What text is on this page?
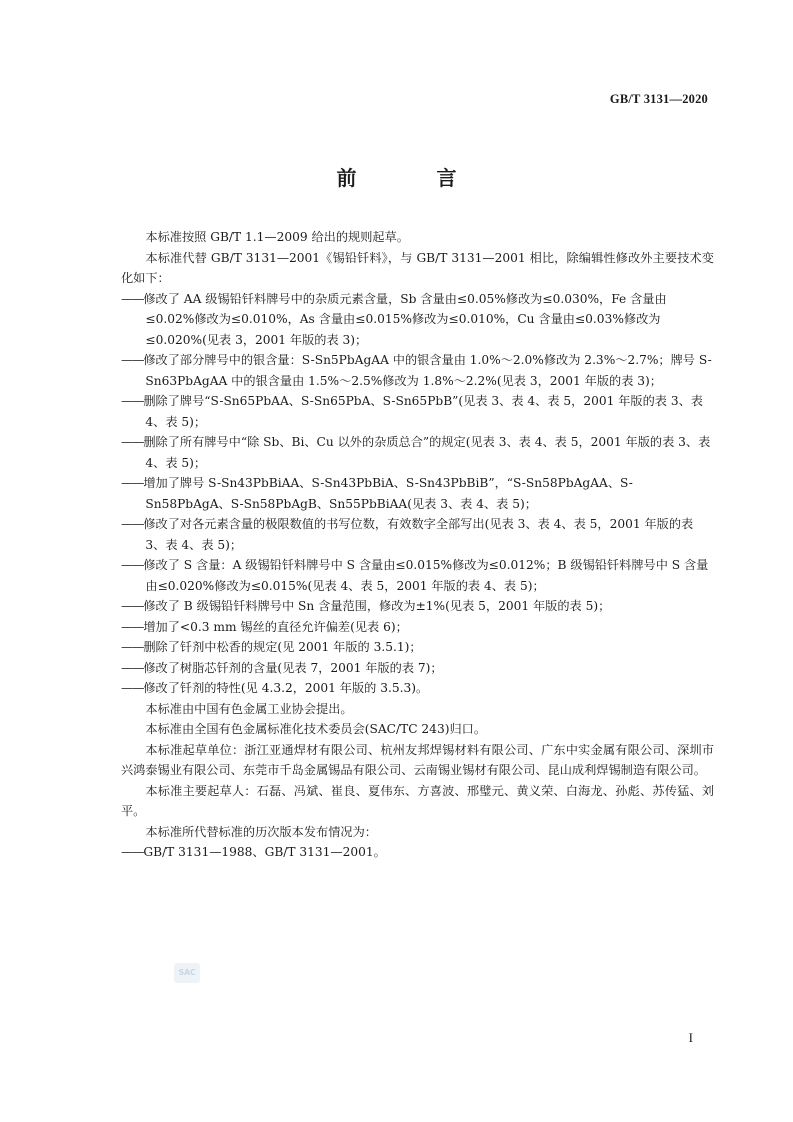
GB/T 3131—2020
前　言

本标准按照 GB/T 1.1—2009 给出的规则起草。

本标准代替 GB/T 3131—2001《锡铅钎料》，与 GB/T 3131—2001 相比，除编辑性修改外主要技术变化如下：

——修改了 AA 级锡铅钎料牌号中的杂质元素含量，Sb 含量由≤0.05%修改为≤0.030%，Fe 含量由≤0.02%修改为≤0.010%，As 含量由≤0.015%修改为≤0.010%，Cu 含量由≤0.03%修改为≤0.020%(见表 3，2001 年版的表 3)；

——修改了部分牌号中的银含量：S-Sn5PbAgAA 中的银含量由 1.0%～2.0%修改为 2.3%～2.7%；牌号 S-Sn63PbAgAA 中的银含量由 1.5%～2.5%修改为 1.8%～2.2%(见表 3，2001 年版的表 3)；

——删除了牌号“S-Sn65PbAA、S-Sn65PbA、S-Sn65PbB”(见表 3、表 4、表 5，2001 年版的表 3、表 4、表 5)；

——删除了所有牌号中“除 Sb、Bi、Cu 以外的杂质总合”的规定(见表 3、表 4、表 5，2001 年版的表 3、表 4、表 5)；

——增加了牌号 S-Sn43PbBiAA、S-Sn43PbBiA、S-Sn43PbBiB”，“S-Sn58PbAgAA、S-Sn58PbAgA、S-Sn58PbAgB、Sn55PbBiAA(见表 3、表 4、表 5)；

——修改了对各元素含量的极限数值的书写位数，有效数字全部写出(见表 3、表 4、表 5，2001 年版的表 3、表 4、表 5)；

——修改了 S 含量：A 级锡铅钎料牌号中 S 含量由≤0.015%修改为≤0.012%；B 级锡铅钎料牌号中 S 含量由≤0.020%修改为≤0.015%(见表 4、表 5，2001 年版的表 4、表 5)；

——修改了 B 级锡铅钎料牌号中 Sn 含量范围，修改为±1%(见表 5，2001 年版的表 5)；

——增加了<0.3 mm 锡丝的直径允许偏差(见表 6)；

——删除了钎剂中松香的规定(见 2001 年版的 3.5.1)；

——修改了树脂芯钎剂的含量(见表 7，2001 年版的表 7)；

——修改了钎剂的特性(见 4.3.2，2001 年版的 3.5.3)。

本标准由中国有色金属工业协会提出。

本标准由全国有色金属标准化技术委员会(SAC/TC 243)归口。

本标准起草单位：浙江亚通焊材有限公司、杭州友邦焊锡材料有限公司、广东中实金属有限公司、深圳市兴鸿泰锡业有限公司、东莞市千岛金属锡品有限公司、云南锡业锡材有限公司、昆山成利焊锡制造有限公司。

本标准主要起草人：石磊、冯斌、崔良、夏伟东、方喜波、邢璧元、黄义荣、白海龙、孙彪、苏传猛、刘平。

本标准所代替标准的历次版本发布情况为：

——GB/T 3131—1988、GB/T 3131—2001。

SAC
I
